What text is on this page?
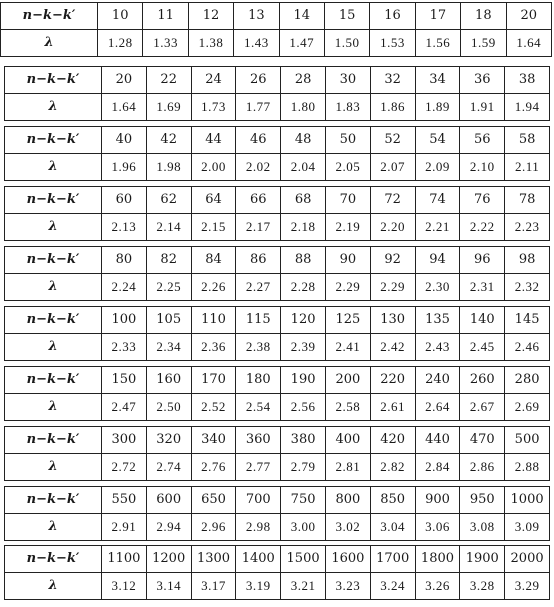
n−k−k′	10	11	12	13	14	15	16	17	18	20
λ	1.28	1.33	1.38	1.43	1.47	1.50	1.53	1.56	1.59	1.64
n−k−k′	20	22	24	26	28	30	32	34	36	38
λ	1.64	1.69	1.73	1.77	1.80	1.83	1.86	1.89	1.91	1.94
n−k−k′	40	42	44	46	48	50	52	54	56	58
λ	1.96	1.98	2.00	2.02	2.04	2.05	2.07	2.09	2.10	2.11
n−k−k′	60	62	64	66	68	70	72	74	76	78
λ	2.13	2.14	2.15	2.17	2.18	2.19	2.20	2.21	2.22	2.23
n−k−k′	80	82	84	86	88	90	92	94	96	98
λ	2.24	2.25	2.26	2.27	2.28	2.29	2.29	2.30	2.31	2.32
n−k−k′	100	105	110	115	120	125	130	135	140	145
λ	2.33	2.34	2.36	2.38	2.39	2.41	2.42	2.43	2.45	2.46
n−k−k′	150	160	170	180	190	200	220	240	260	280
λ	2.47	2.50	2.52	2.54	2.56	2.58	2.61	2.64	2.67	2.69
n−k−k′	300	320	340	360	380	400	420	440	470	500
λ	2.72	2.74	2.76	2.77	2.79	2.81	2.82	2.84	2.86	2.88
n−k−k′	550	600	650	700	750	800	850	900	950	1000
λ	2.91	2.94	2.96	2.98	3.00	3.02	3.04	3.06	3.08	3.09
n−k−k′	1100	1200	1300	1400	1500	1600	1700	1800	1900	2000
λ	3.12	3.14	3.17	3.19	3.21	3.23	3.24	3.26	3.28	3.29
